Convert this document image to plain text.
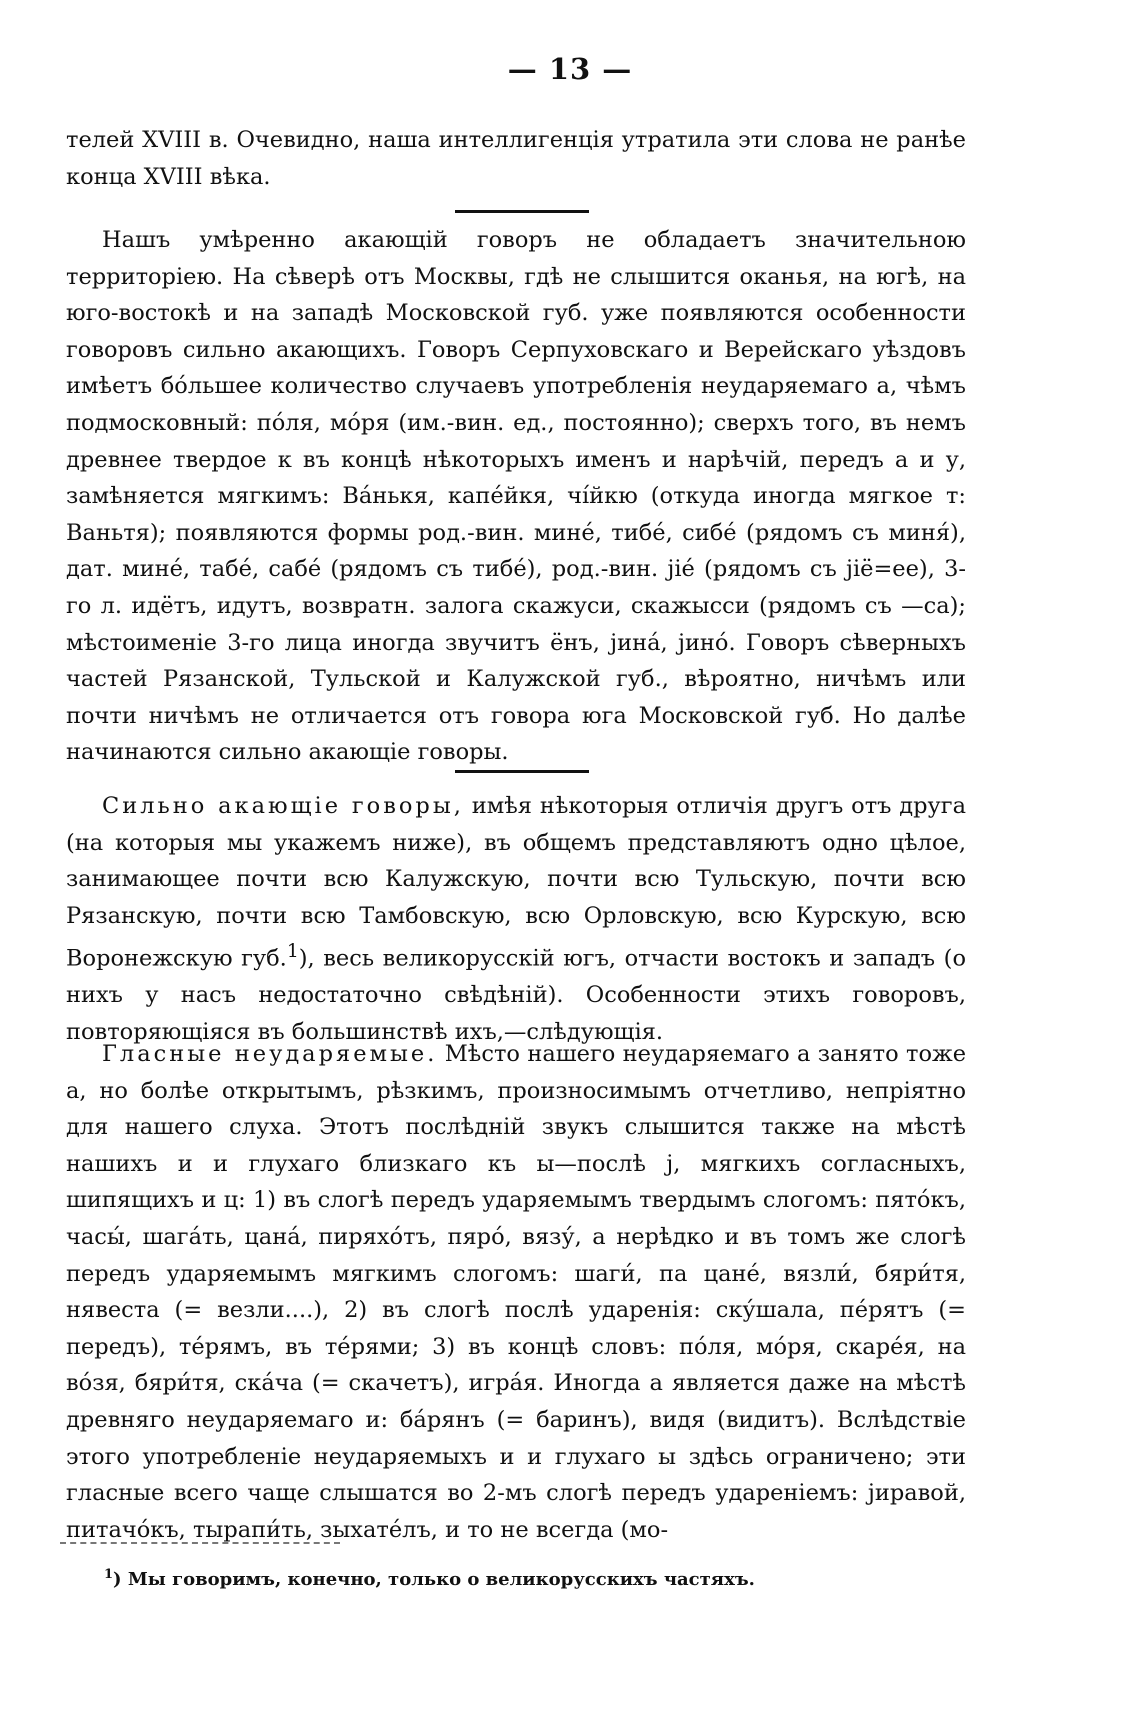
— 13 —

телей XVIII в. Очевидно, наша интеллигенція утратила эти слова не ранѣе конца XVIII вѣка.

Нашъ умѣренно акающій говоръ не обладаетъ значительною территоріею. На сѣверѣ отъ Москвы, гдѣ не слышится оканья, на югѣ, на юго-востокѣ и на западѣ Московской губ. уже появляются особенности говоровъ сильно акающихъ. Говоръ Серпуховскаго и Верейскаго уѣздовъ имѣетъ бо́льшее количество случаевъ употребленія неударяемаго а, чѣмъ подмосковный: по́ля, мо́ря (им.-вин. ед., постоянно); сверхъ того, въ немъ древнее твердое к въ концѣ нѣкоторыхъ именъ и нарѣчій, передъ а и у, замѣняется мягкимъ: Ва́нькя, капе́йкя, чі́йкю (откуда иногда мягкое т: Ваньтя); появляются формы род.-вин. мине́, тибе́, сибе́ (рядомъ съ миня́), дат. мине́, табе́, сабе́ (рядомъ съ тибе́), род.-вин. jiе́ (рядомъ съ jiё=ее), 3-го л. идётъ, идутъ, возвратн. залога скажуси, скажысси (рядомъ съ —са); мѣстоименіе 3-го лица иногда звучитъ ёнъ, jина́, jино́. Говоръ сѣверныхъ частей Рязанской, Тульской и Калужской губ., вѣроятно, ничѣмъ или почти ничѣмъ не отличается отъ говора юга Московской губ. Но далѣе начинаются сильно акающіе говоры.

Сильно акающіе говоры, имѣя нѣкоторыя отличія другъ отъ друга (на которыя мы укажемъ ниже), въ общемъ представляютъ одно цѣлое, занимающее почти всю Калужскую, почти всю Тульскую, почти всю Рязанскую, почти всю Тамбовскую, всю Орловскую, всю Курскую, всю Воронежскую губ.$^1$), весь великорусскій югъ, отчасти востокъ и западъ (о нихъ у насъ недостаточно свѣдѣній). Особенности этихъ говоровъ, повторяющіяся въ большинствѣ ихъ,—слѣдующія.

Гласные неударяемые. Мѣсто нашего неударяемаго а занято тоже а, но болѣе открытымъ, рѣзкимъ, произносимымъ отчетливо, непріятно для нашего слуха. Этотъ послѣдній звукъ слышится также на мѣстѣ нашихъ и и глухаго близкаго къ ы—послѣ j, мягкихъ согласныхъ, шипящихъ и ц: 1) въ слогѣ передъ ударяемымъ твердымъ слогомъ: пято́къ, часы́, шага́ть, цана́, пиряхо́тъ, пяро́, вязу́, а нерѣдко и въ томъ же слогѣ передъ ударяемымъ мягкимъ слогомъ: шаги́, па цане́, вязли́, бяри́тя, нявеста (= везли....), 2) въ слогѣ послѣ ударенія: ску́шала, пе́рятъ (= передъ), те́рямъ, въ те́рями; 3) въ концѣ словъ: по́ля, мо́ря, скаре́я, на во́зя, бяри́тя, ска́ча (= скачетъ), игра́я. Иногда а является даже на мѣстѣ древняго неударяемаго и: ба́рянъ (= баринъ), видя (видитъ). Вслѣдствіе этого употребленіе неударяемыхъ и и глухаго ы здѣсь ограничено; эти гласные всего чаще слышатся во 2-мъ слогѣ передъ удареніемъ: jиравой, питачо́къ, тырапи́ть, зыхате́лъ, и то не всегда (мо-

$^1$) Мы говоримъ, конечно, только о великорусскихъ частяхъ.
